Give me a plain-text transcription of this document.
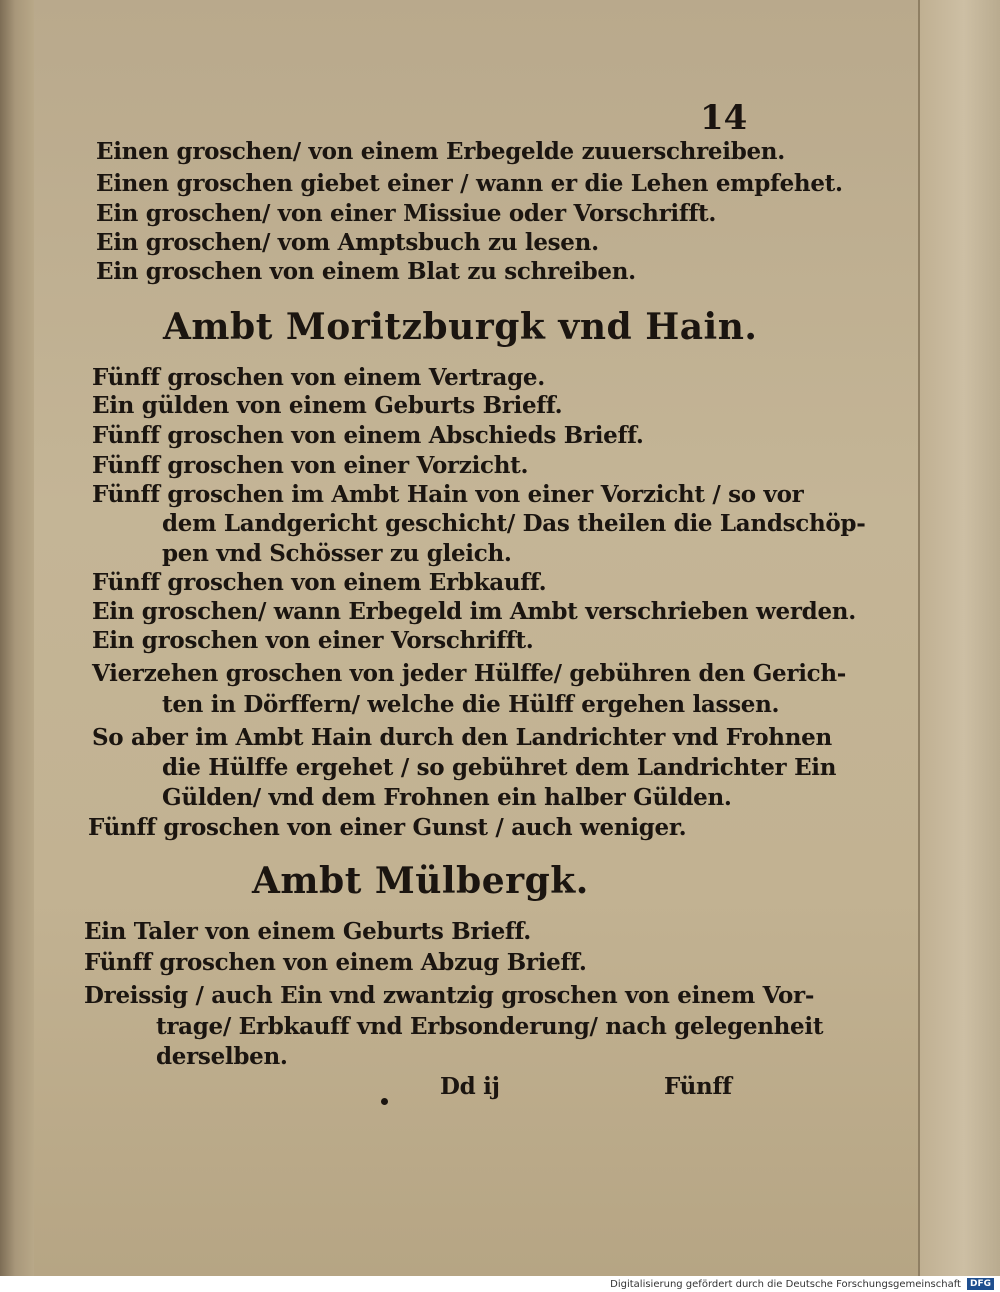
14
Einen groschen/ von einem Erbegelde zuuerschreiben.
Einen groschen giebet einer / wann er die Lehen empfehet.
Ein groschen/ von einer Missiue oder Vorschrifft.
Ein groschen/ vom Amptsbuch zu lesen.
Ein groschen von einem Blat zu schreiben.
Ambt Moritzburgk vnd Hain.
Fünff groschen von einem Vertrage.
Ein gülden von einem Geburts Brieff.
Fünff groschen von einem Abschieds Brieff.
Fünff groschen von einer Vorzicht.
Fünff groschen im Ambt Hain von einer Vorzicht / so vor
dem Landgericht geschicht/ Das theilen die Landschöp-
pen vnd Schösser zu gleich.
Fünff groschen von einem Erbkauff.
Ein groschen/ wann Erbegeld im Ambt verschrieben werden.
Ein groschen von einer Vorschrifft.
Vierzehen groschen von jeder Hülffe/ gebühren den Gerich-
ten in Dörffern/ welche die Hülff ergehen lassen.
So aber im Ambt Hain durch den Landrichter vnd Frohnen
die Hülffe ergehet / so gebühret dem Landrichter Ein
Gülden/ vnd dem Frohnen ein halber Gülden.
Fünff groschen von einer Gunst / auch weniger.
Ambt Mülbergk.
Ein Taler von einem Geburts Brieff.
Fünff groschen von einem Abzug Brieff.
Dreissig / auch Ein vnd zwantzig groschen von einem Vor-
trage/ Erbkauff vnd Erbsonderung/ nach gelegenheit
derselben.
Dd ij	Fünff
Digitalisierung gefördert durch die Deutsche Forschungsgemeinschaft	DFG
